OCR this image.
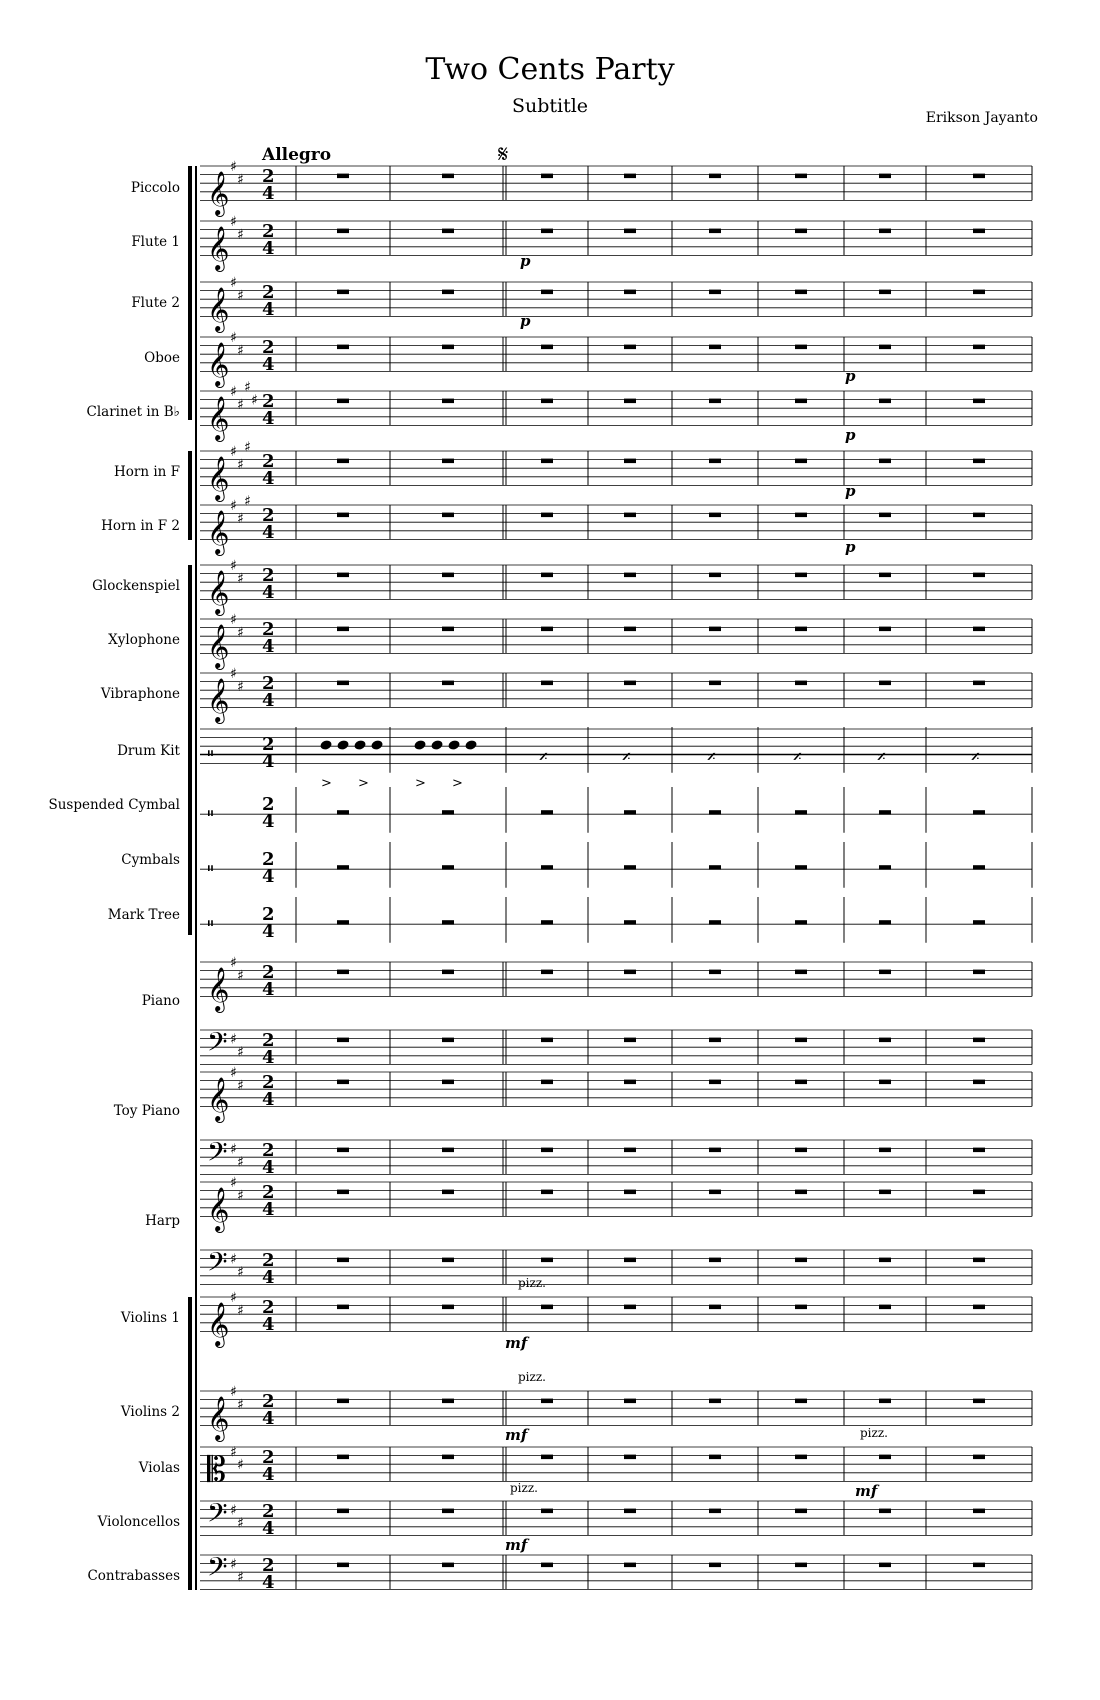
Two Cents Party
Subtitle
Erikson Jayanto
Allegro	𝄋
Piccolo
Flute 1
Flute 2
Oboe
Clarinet in B♭
Horn in F
Horn in F 2
Glockenspiel
Xylophone
Vibraphone
Drum Kit
Suspended Cymbal
Cymbals
Mark Tree
Piano
Toy Piano
Harp
Violins 1
Violins 2
Violas
Violoncellos
Contrabasses
𝄞
♯
♯ 2
4
𝄞
♯
♯ 2
4
𝄞
♯
♯ 2
4
𝄞
♯
♯ 2
4
𝄞
♯
♯
♯
♯ 2
4
𝄞
♯
♯
♯
2
4
𝄞
♯
♯
♯
2
4
𝄞
♯
♯ 2
4
𝄞
♯
♯ 2
4
𝄞
♯
♯ 2
4
𝄥	2
4
> >	> >
𝄎	𝄎	𝄎	𝄎	𝄎	𝄎
𝄥	2
4
𝄥	2
4
𝄥	2
4
𝄞
♯
♯ 2
4
𝄢 ♯
♯
2
4
𝄞
♯
♯ 2
4
𝄢 ♯
♯
2
4
𝄞
♯
♯ 2
4
𝄢 ♯
♯
2
4
𝄞
♯
♯ 2
4
𝄞
♯
♯ 2
4
𝄡 ♯
♯ 2
4
𝄢 ♯
♯
2
4
𝄢 ♯
♯
2
4
p
p
p
p
p
p
pizz.
mf
pizz.
mf	pizz.
mf
pizz.
mf
